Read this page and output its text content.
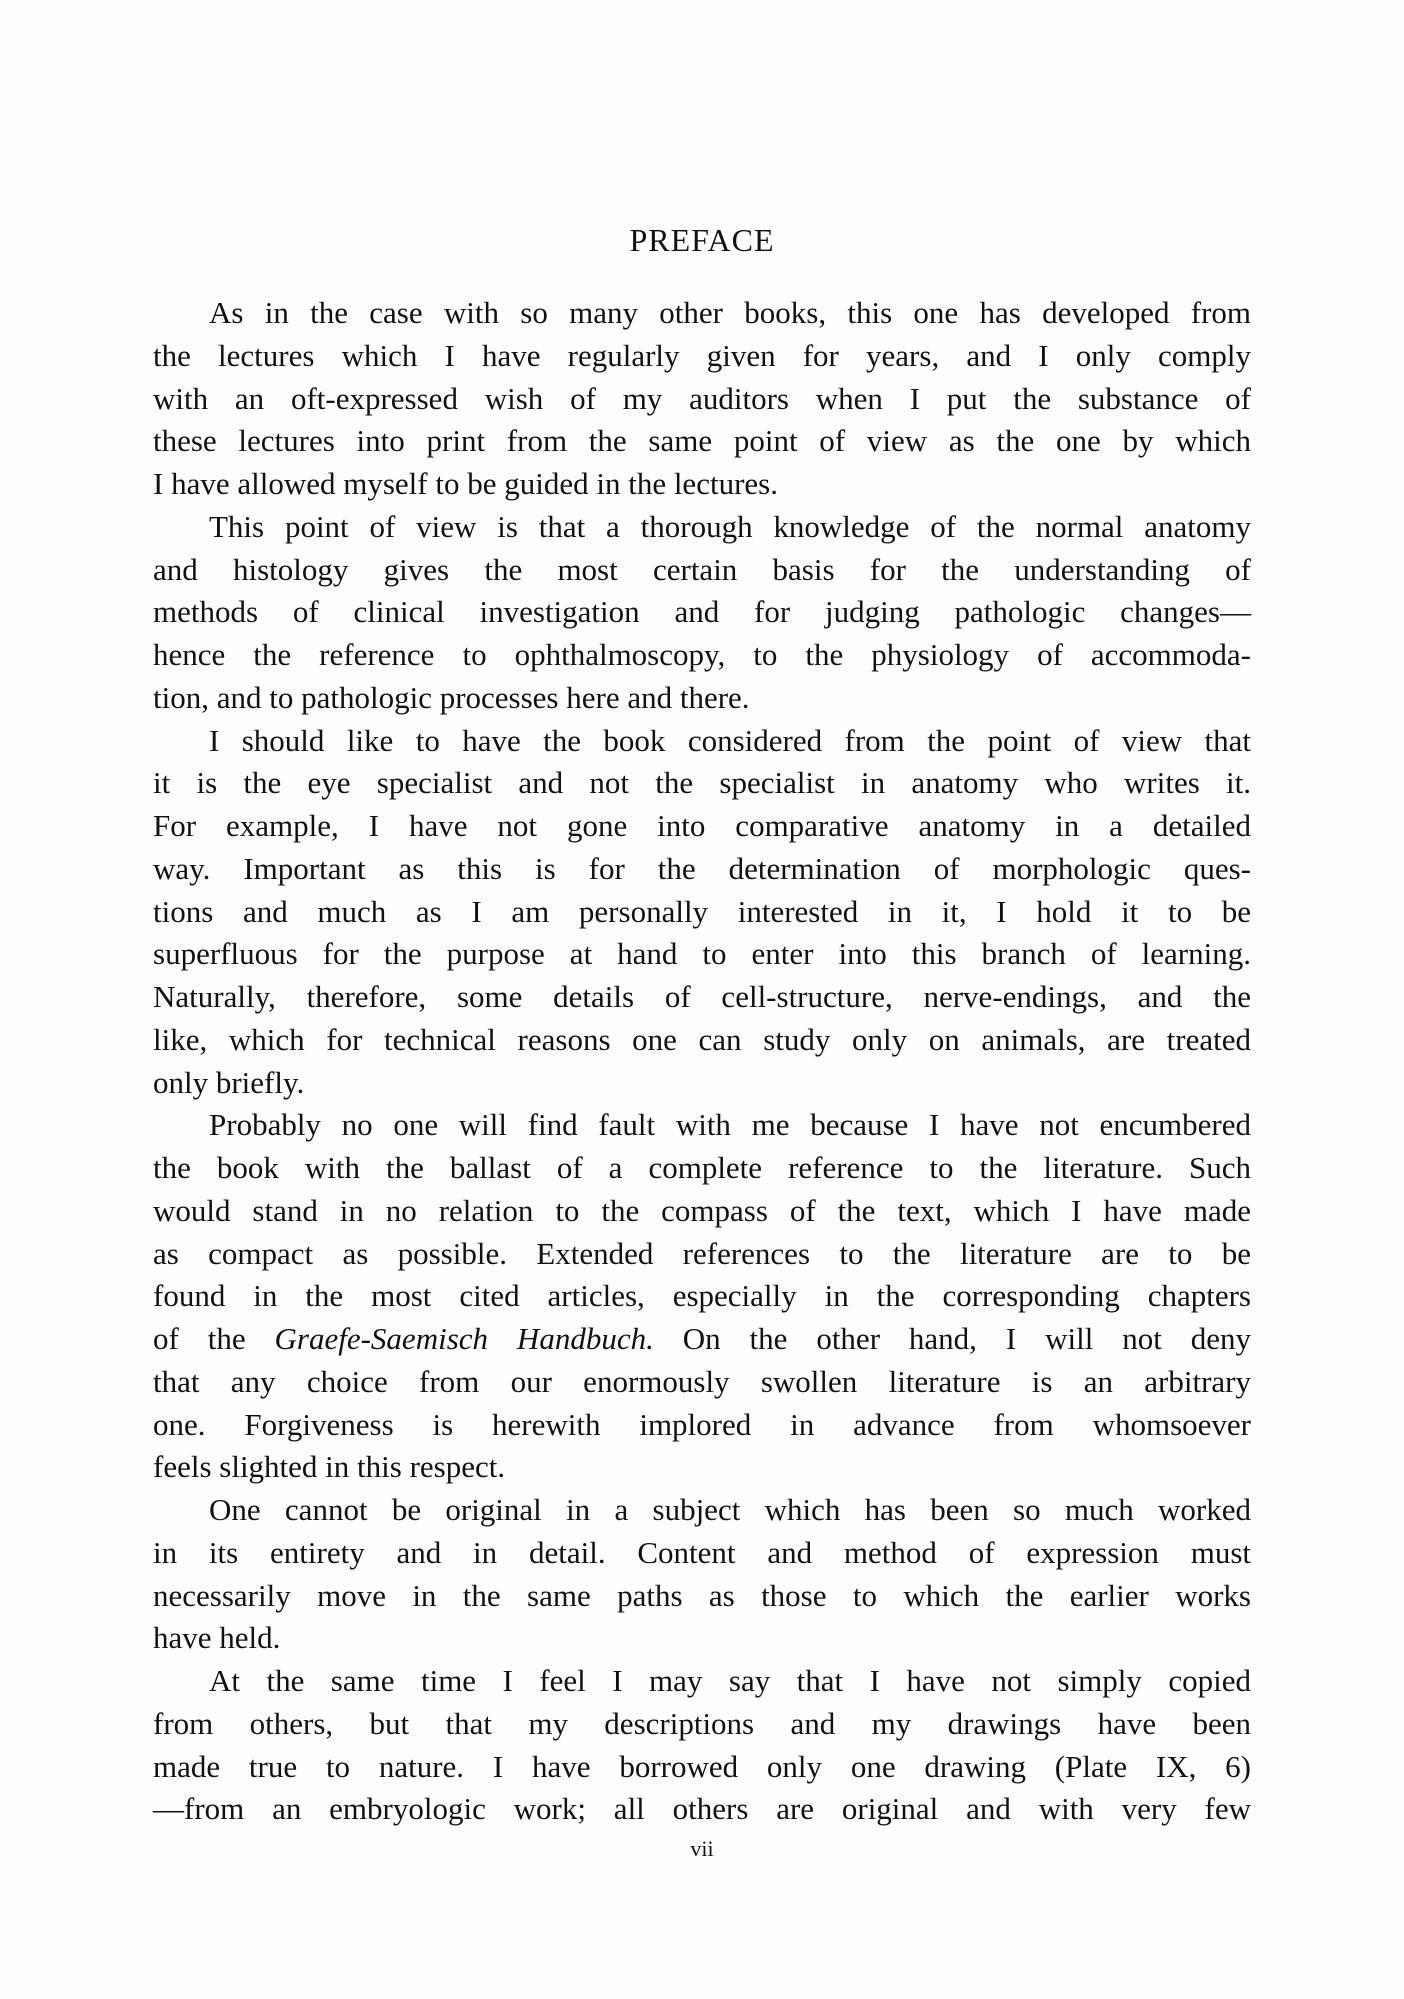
PREFACE
As in the case with so many other books, this one has developed from
the lectures which I have regularly given for years, and I only comply
with an oft-expressed wish of my auditors when I put the substance of
these lectures into print from the same point of view as the one by which
I have allowed myself to be guided in the lectures.
This point of view is that a thorough knowledge of the normal anatomy
and histology gives the most certain basis for the understanding of
methods of clinical investigation and for judging pathologic changes—
hence the reference to ophthalmoscopy, to the physiology of accommoda-
tion, and to pathologic processes here and there.
I should like to have the book considered from the point of view that
it is the eye specialist and not the specialist in anatomy who writes it.
For example, I have not gone into comparative anatomy in a detailed
way. Important as this is for the determination of morphologic ques-
tions and much as I am personally interested in it, I hold it to be
superfluous for the purpose at hand to enter into this branch of learning.
Naturally, therefore, some details of cell-structure, nerve-endings, and the
like, which for technical reasons one can study only on animals, are treated
only briefly.
Probably no one will find fault with me because I have not encumbered
the book with the ballast of a complete reference to the literature. Such
would stand in no relation to the compass of the text, which I have made
as compact as possible. Extended references to the literature are to be
found in the most cited articles, especially in the corresponding chapters
of the Graefe-Saemisch Handbuch. On the other hand, I will not deny
that any choice from our enormously swollen literature is an arbitrary
one. Forgiveness is herewith implored in advance from whomsoever
feels slighted in this respect.
One cannot be original in a subject which has been so much worked
in its entirety and in detail. Content and method of expression must
necessarily move in the same paths as those to which the earlier works
have held.
At the same time I feel I may say that I have not simply copied
from others, but that my descriptions and my drawings have been
made true to nature. I have borrowed only one drawing (Plate IX, 6)
—from an embryologic work; all others are original and with very few
vii
